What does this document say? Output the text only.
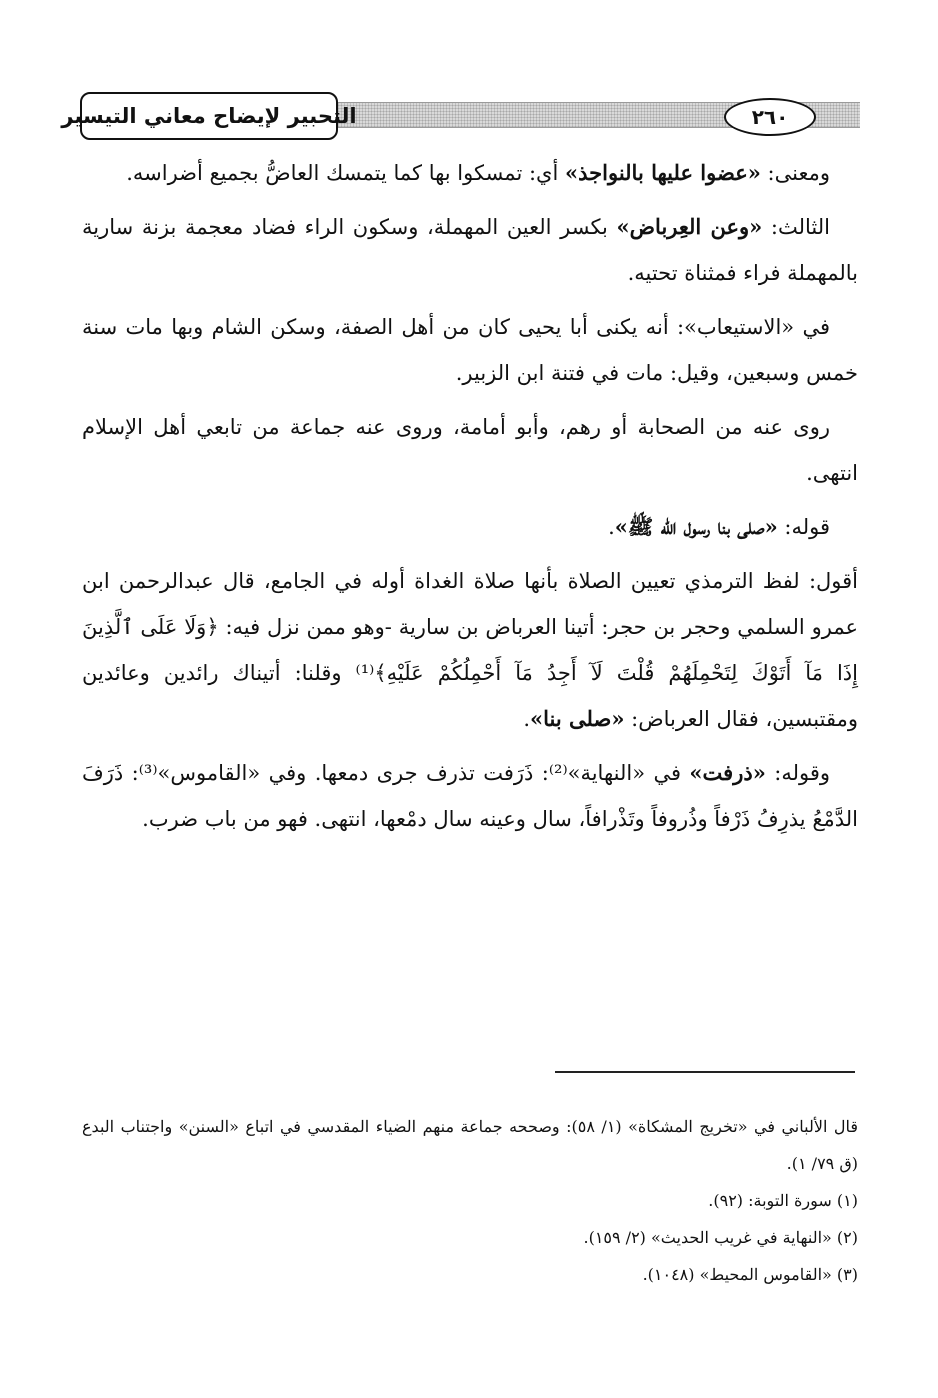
التحبير لإيضاح معاني التيسير	٢٦٠

ومعنى: «عضوا عليها بالنواجذ» أي: تمسكوا بها كما يتمسك العاضُّ بجميع أضراسه.

الثالث: «وعن العِرباض» بكسر العين المهملة، وسكون الراء فضاد معجمة بزنة سارية بالمهملة فراء فمثناة تحتيه.

في «الاستيعاب»: أنه يكنى أبا يحيى كان من أهل الصفة، وسكن الشام وبها مات سنة خمس وسبعين، وقيل: مات في فتنة ابن الزبير.

روى عنه من الصحابة أو رهم، وأبو أمامة، وروى عنه جماعة من تابعي أهل الإسلام انتهى.

قوله: «صلى بنا رسول الله ﷺ».

أقول: لفظ الترمذي تعيين الصلاة بأنها صلاة الغداة أوله في الجامع، قال عبدالرحمن ابن عمرو السلمي وحجر بن حجر: أتينا العرباض بن سارية -وهو ممن نزل فيه: ﴿وَلَا عَلَى ٱلَّذِينَ إِذَا مَآ أَتَوْكَ لِتَحْمِلَهُمْ قُلْتَ لَآ أَجِدُ مَآ أَحْمِلُكُمْ عَلَيْهِ﴾⁽¹⁾ وقلنا: أتيناك رائدين وعائدين ومقتبسين، فقال العرباض: «صلى بنا».

وقوله: «ذرفت» في «النهاية»⁽²⁾: ذَرَفت تذرف جرى دمعها. وفي «القاموس»⁽³⁾: ذَرَفَ الدَّمْعُ يذرِفُ ذَرْفاً وذُروفاً وتَذْرافاً، سال وعينه سال دمْعها، انتهى. فهو من باب ضرب.

قال الألباني في «تخريج المشكاة» (١/ ٥٨): وصححه جماعة منهم الضياء المقدسي في اتباع «السنن» واجتناب البدع (ق ٧٩/ ١).

(١) سورة التوبة: (٩٢).

(٢) «النهاية في غريب الحديث» (٢/ ١٥٩).

(٣) «القاموس المحيط» (١٠٤٨).
